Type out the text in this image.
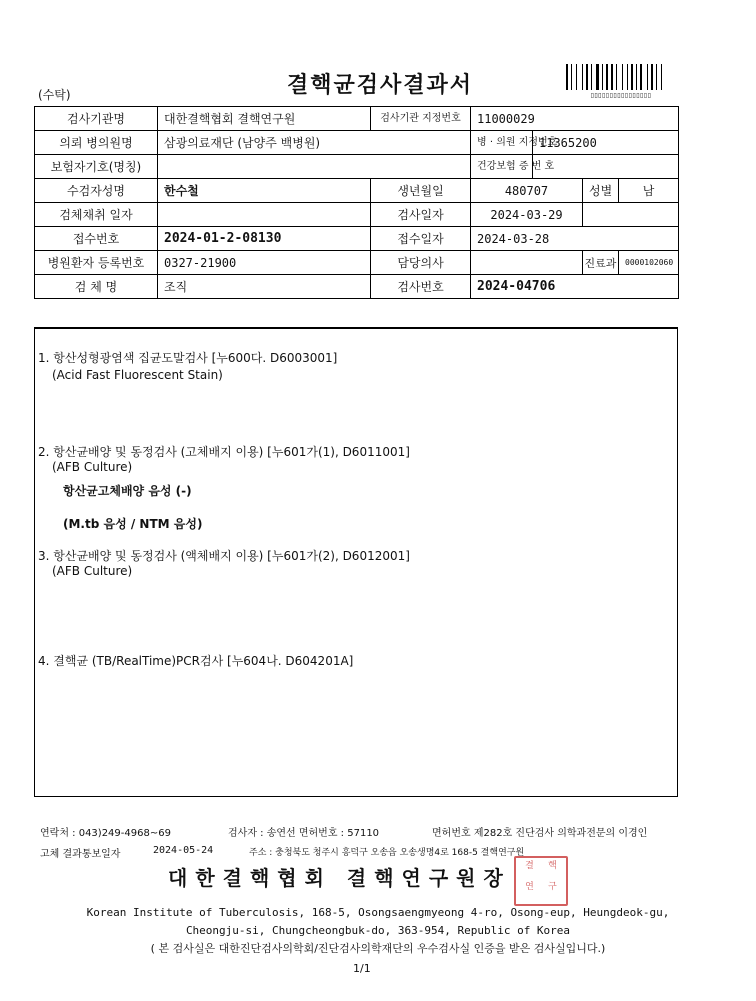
(수탁)	결핵균검사결과서	▯▯▯▯▯▯▯▯▯▯▯▯▯▯▯▯
검사기관명	대한결핵협회 결핵연구원	검사기관 지정번호	11000029			
의뢰 병의원명	삼광의료재단 (남양주 백병원)		병 · 의원 지정번호	11365200		
보험자기호(명칭)			건강보험 증 번 호			
수검자성명	한수철	생년월일	480707		성별	남
검체채취 일자		검사일자	2024-03-29			
접수번호	2024-01-2-08130	접수일자	2024-03-28			
병원환자 등록번호	0327-21900	담당의사			진료과	0000102060
검 체 명	조직	검사번호	2024-04706			
1. 항산성형광염색 집균도말검사 [누600다. D6003001]
(Acid Fast Fluorescent Stain)
2. 항산균배양 및 동정검사 (고체배지 이용) [누601가(1), D6011001]
(AFB Culture)
항산균고체배양 음성 (-)
(M.tb 음성 / NTM 음성)
3. 항산균배양 및 동정검사 (액체배지 이용) [누601가(2), D6012001]
(AFB Culture)
4. 결핵균 (TB/RealTime)PCR검사 [누604나. D604201A]
연락처 : 043)249-4968~69	검사자 : 송연선 면허번호 : 57110	면허번호 제282호 진단검사 의학과전문의 이경인
고체 결과통보일자	2024-05-24	주소 : 충청북도 청주시 흥덕구 오송읍 오송생명4로 168-5 결핵연구원
대한결핵협회 결핵연구원장	결	핵
연	구
Korean Institute of Tuberculosis, 168-5, Osongsaengmyeong 4-ro, Osong-eup, Heungdeok-gu,
Cheongju-si, Chungcheongbuk-do, 363-954, Republic of Korea
( 본 검사실은 대한진단검사의학회/진단검사의학재단의 우수검사실 인증을 받은 검사실입니다.)
1/1
